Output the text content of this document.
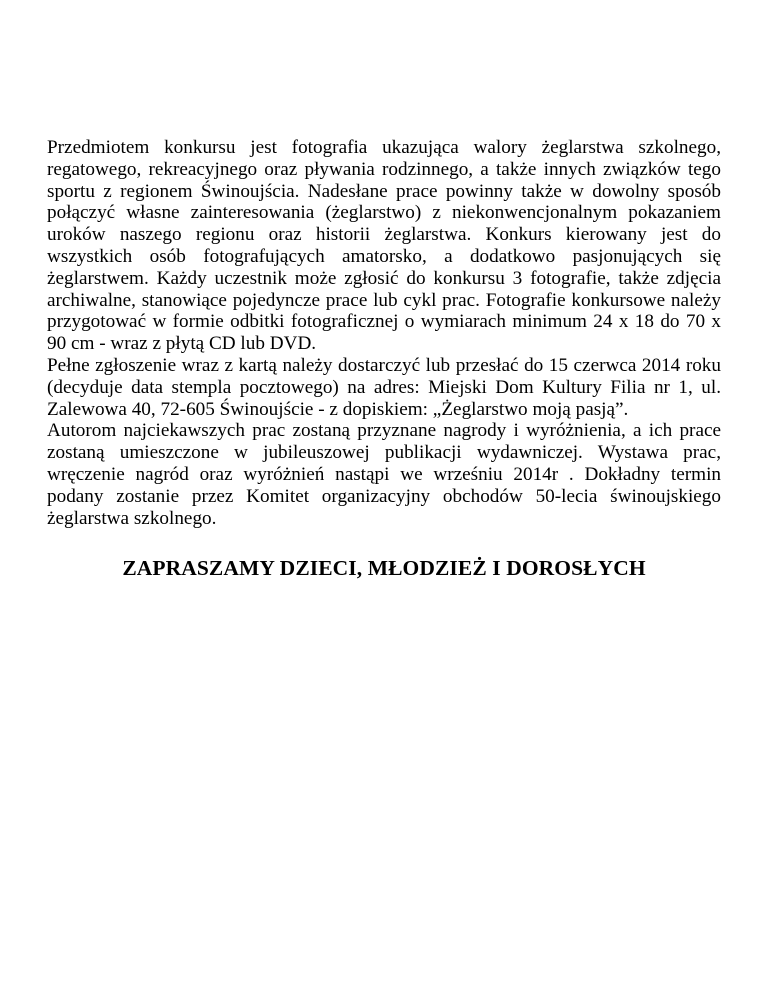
Przedmiotem konkursu jest fotografia ukazująca walory żeglarstwa szkolnego, regatowego, rekreacyjnego oraz pływania rodzinnego, a także innych związków tego sportu z regionem Świnoujścia. Nadesłane prace powinny także w dowolny sposób połączyć własne zainteresowania (żeglarstwo) z niekonwencjonalnym pokazaniem uroków naszego regionu oraz historii żeglarstwa. Konkurs kierowany jest do wszystkich osób fotografujących amatorsko, a dodatkowo pasjonujących się żeglarstwem. Każdy uczestnik może zgłosić do konkursu 3 fotografie, także zdjęcia archiwalne, stanowiące pojedyncze prace lub cykl prac. Fotografie konkursowe należy przygotować w formie odbitki fotograficznej o wymiarach minimum 24 x 18 do 70 x 90 cm - wraz z płytą CD lub DVD.

Pełne zgłoszenie wraz z kartą należy dostarczyć lub przesłać do 15 czerwca 2014 roku (decyduje data stempla pocztowego) na adres: Miejski Dom Kultury Filia nr 1, ul. Zalewowa 40, 72-605 Świnoujście - z dopiskiem: „Żeglarstwo moją pasją”.

Autorom najciekawszych prac zostaną przyznane nagrody i wyróżnienia, a ich prace zostaną umieszczone w jubileuszowej publikacji wydawniczej. Wystawa prac, wręczenie nagród oraz wyróżnień nastąpi we wrześniu 2014r . Dokładny termin podany zostanie przez Komitet organizacyjny obchodów 50-lecia świnoujskiego żeglarstwa szkolnego.

ZAPRASZAMY DZIECI, MŁODZIEŻ I DOROSŁYCH
